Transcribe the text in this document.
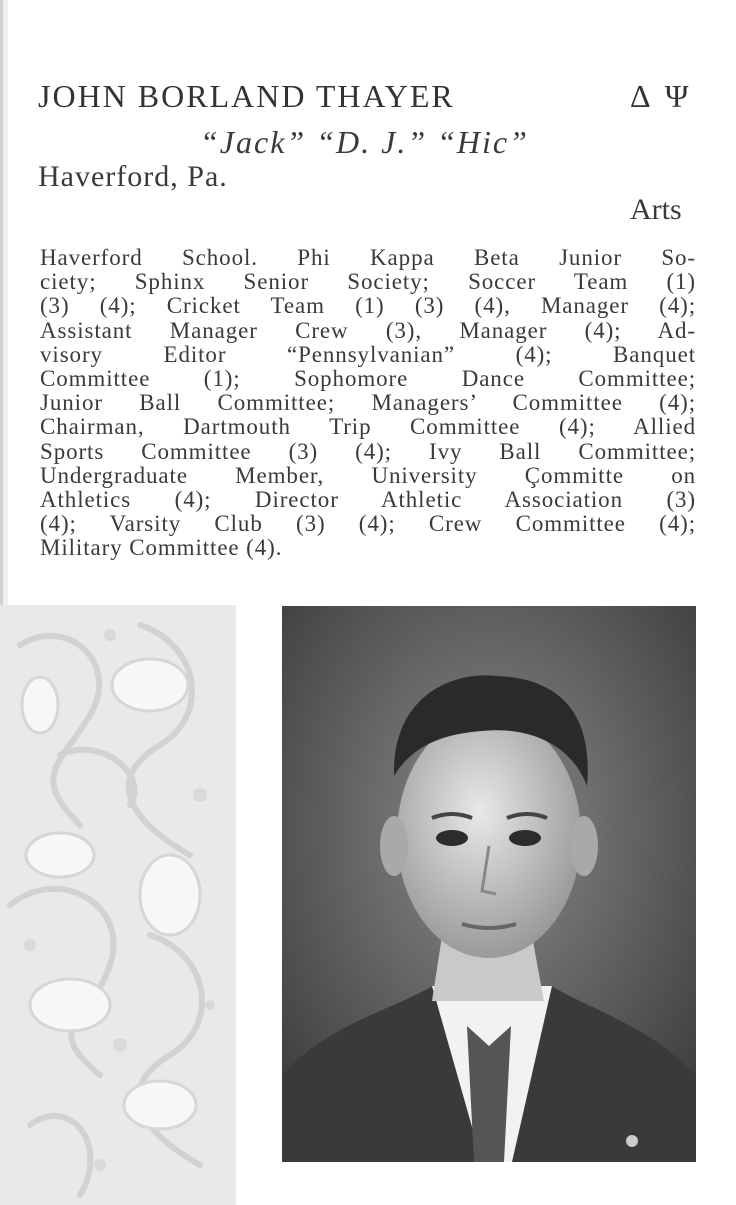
JOHN BORLAND THAYER	Δ Ψ
“Jack” “D. J.” “Hic”
Haverford, Pa.
Arts
Haverford School. Phi Kappa Beta Junior So-
ciety; Sphinx Senior Society; Soccer Team (1)
(3) (4); Cricket Team (1) (3) (4), Manager (4);
Assistant Manager Crew (3), Manager (4); Ad-
visory Editor “Pennsylvanian” (4); Banquet
Committee (1); Sophomore Dance Committee;
Junior Ball Committee; Managers’ Committee (4);
Chairman, Dartmouth Trip Committee (4); Allied
Sports Committee (3) (4); Ivy Ball Committee;
Undergraduate Member, University Çommitte on
Athletics (4); Director Athletic Association (3)
(4); Varsity Club (3) (4); Crew Committee (4);
Military Committee (4).
